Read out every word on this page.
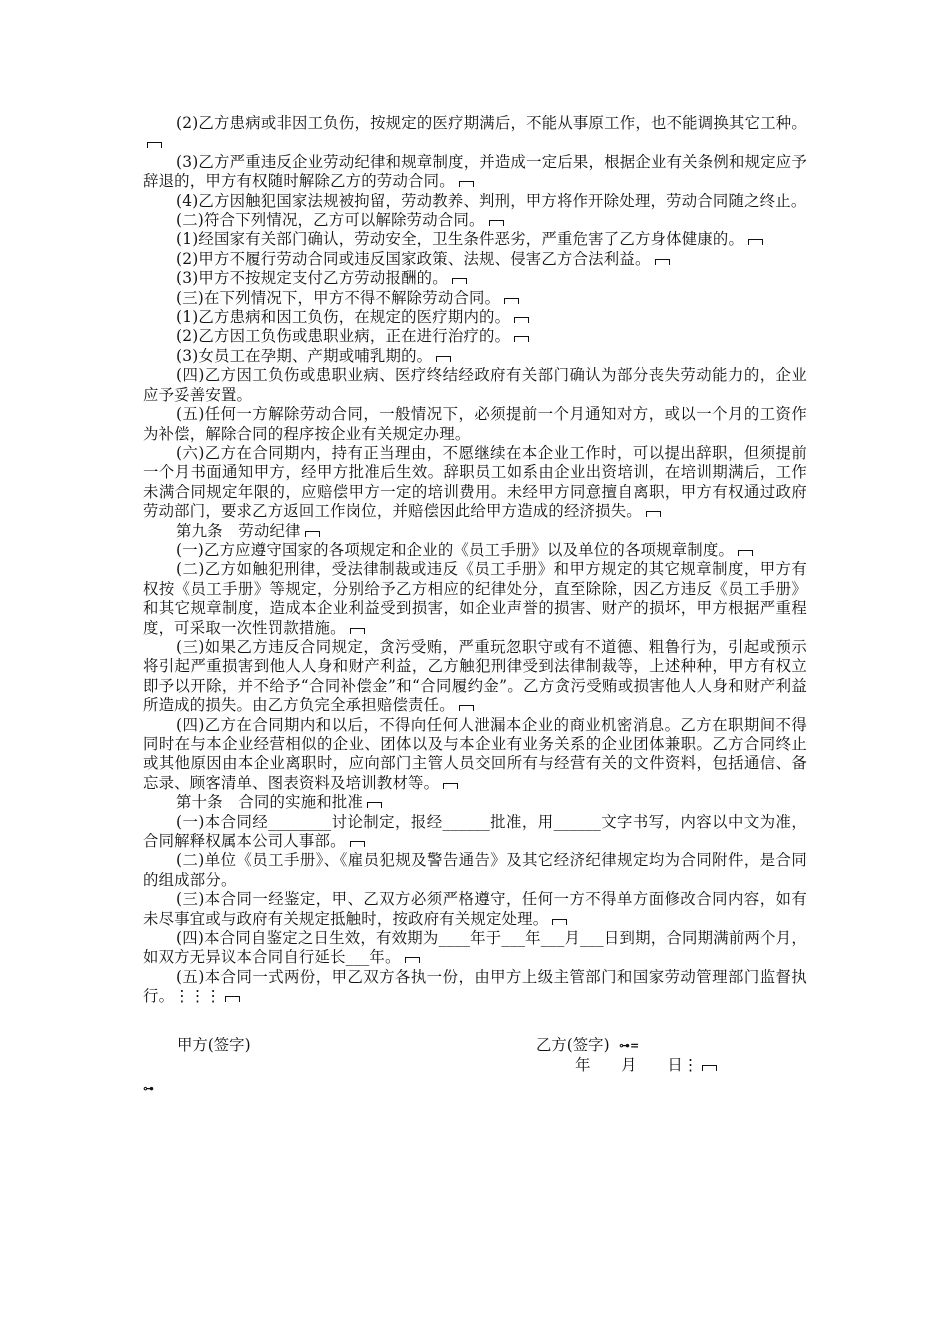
(2)乙方患病或非因工负伤，按规定的医疗期满后，不能从事原工作，也不能调换其它工种。

(3)乙方严重违反企业劳动纪律和规章制度，并造成一定后果，根据企业有关条例和规定应予辞退的，甲方有权随时解除乙方的劳动合同。

(4)乙方因触犯国家法规被拘留，劳动教养、判刑，甲方将作开除处理，劳动合同随之终止。

(二)符合下列情况，乙方可以解除劳动合同。

(1)经国家有关部门确认，劳动安全，卫生条件恶劣，严重危害了乙方身体健康的。

(2)甲方不履行劳动合同或违反国家政策、法规、侵害乙方合法利益。

(3)甲方不按规定支付乙方劳动报酬的。

(三)在下列情况下，甲方不得不解除劳动合同。

(1)乙方患病和因工负伤，在规定的医疗期内的。

(2)乙方因工负伤或患职业病，正在进行治疗的。

(3)女员工在孕期、产期或哺乳期的。

(四)乙方因工负伤或患职业病、医疗终结经政府有关部门确认为部分丧失劳动能力的，企业应予妥善安置。

(五)任何一方解除劳动合同，一般情况下，必须提前一个月通知对方，或以一个月的工资作为补偿，解除合同的程序按企业有关规定办理。

(六)乙方在合同期内，持有正当理由，不愿继续在本企业工作时，可以提出辞职，但须提前一个月书面通知甲方，经甲方批准后生效。辞职员工如系由企业出资培训，在培训期满后，工作未满合同规定年限的，应赔偿甲方一定的培训费用。未经甲方同意擅自离职，甲方有权通过政府劳动部门，要求乙方返回工作岗位，并赔偿因此给甲方造成的经济损失。

第九条　劳动纪律

(一)乙方应遵守国家的各项规定和企业的《员工手册》以及单位的各项规章制度。

(二)乙方如触犯刑律，受法律制裁或违反《员工手册》和甲方规定的其它规章制度，甲方有权按《员工手册》等规定，分别给予乙方相应的纪律处分，直至除除，因乙方违反《员工手册》和其它规章制度，造成本企业利益受到损害，如企业声誉的损害、财产的损坏，甲方根据严重程度，可采取一次性罚款措施。

(三)如果乙方违反合同规定，贪污受贿，严重玩忽职守或有不道德、粗鲁行为，引起或预示将引起严重损害到他人人身和财产利益，乙方触犯刑律受到法律制裁等，上述种种，甲方有权立即予以开除，并不给予“合同补偿金”和“合同履约金”。乙方贪污受贿或损害他人人身和财产利益所造成的损失。由乙方负完全承担赔偿责任。

(四)乙方在合同期内和以后，不得向任何人泄漏本企业的商业机密消息。乙方在职期间不得同时在与本企业经营相似的企业、团体以及与本企业有业务关系的企业团体兼职。乙方合同终止或其他原因由本企业离职时，应向部门主管人员交回所有与经营有关的文件资料，包括通信、备忘录、顾客清单、图表资料及培训教材等。

第十条　合同的实施和批准

(一)本合同经________讨论制定，报经______批准，用______文字书写，内容以中文为准，合同解释权属本公司人事部。

(二)单位《员工手册》、《雇员犯规及警告通告》及其它经济纪律规定均为合同附件，是合同的组成部分。

(三)本合同一经鉴定，甲、乙双方必须严格遵守，任何一方不得单方面修改合同内容，如有未尽事宜或与政府有关规定抵触时，按政府有关规定处理。

(四)本合同自鉴定之日生效，有效期为____年于___年___月___日到期，合同期满前两个月，如双方无异议本合同自行延长___年。

(五)本合同一式两份，甲乙双方各执一份，由甲方上级主管部门和国家劳动管理部门监督执行。⋮⋮⋮

甲方(签字)	乙方(签字) ⊶=
年　　月　　日⋮
⊶
